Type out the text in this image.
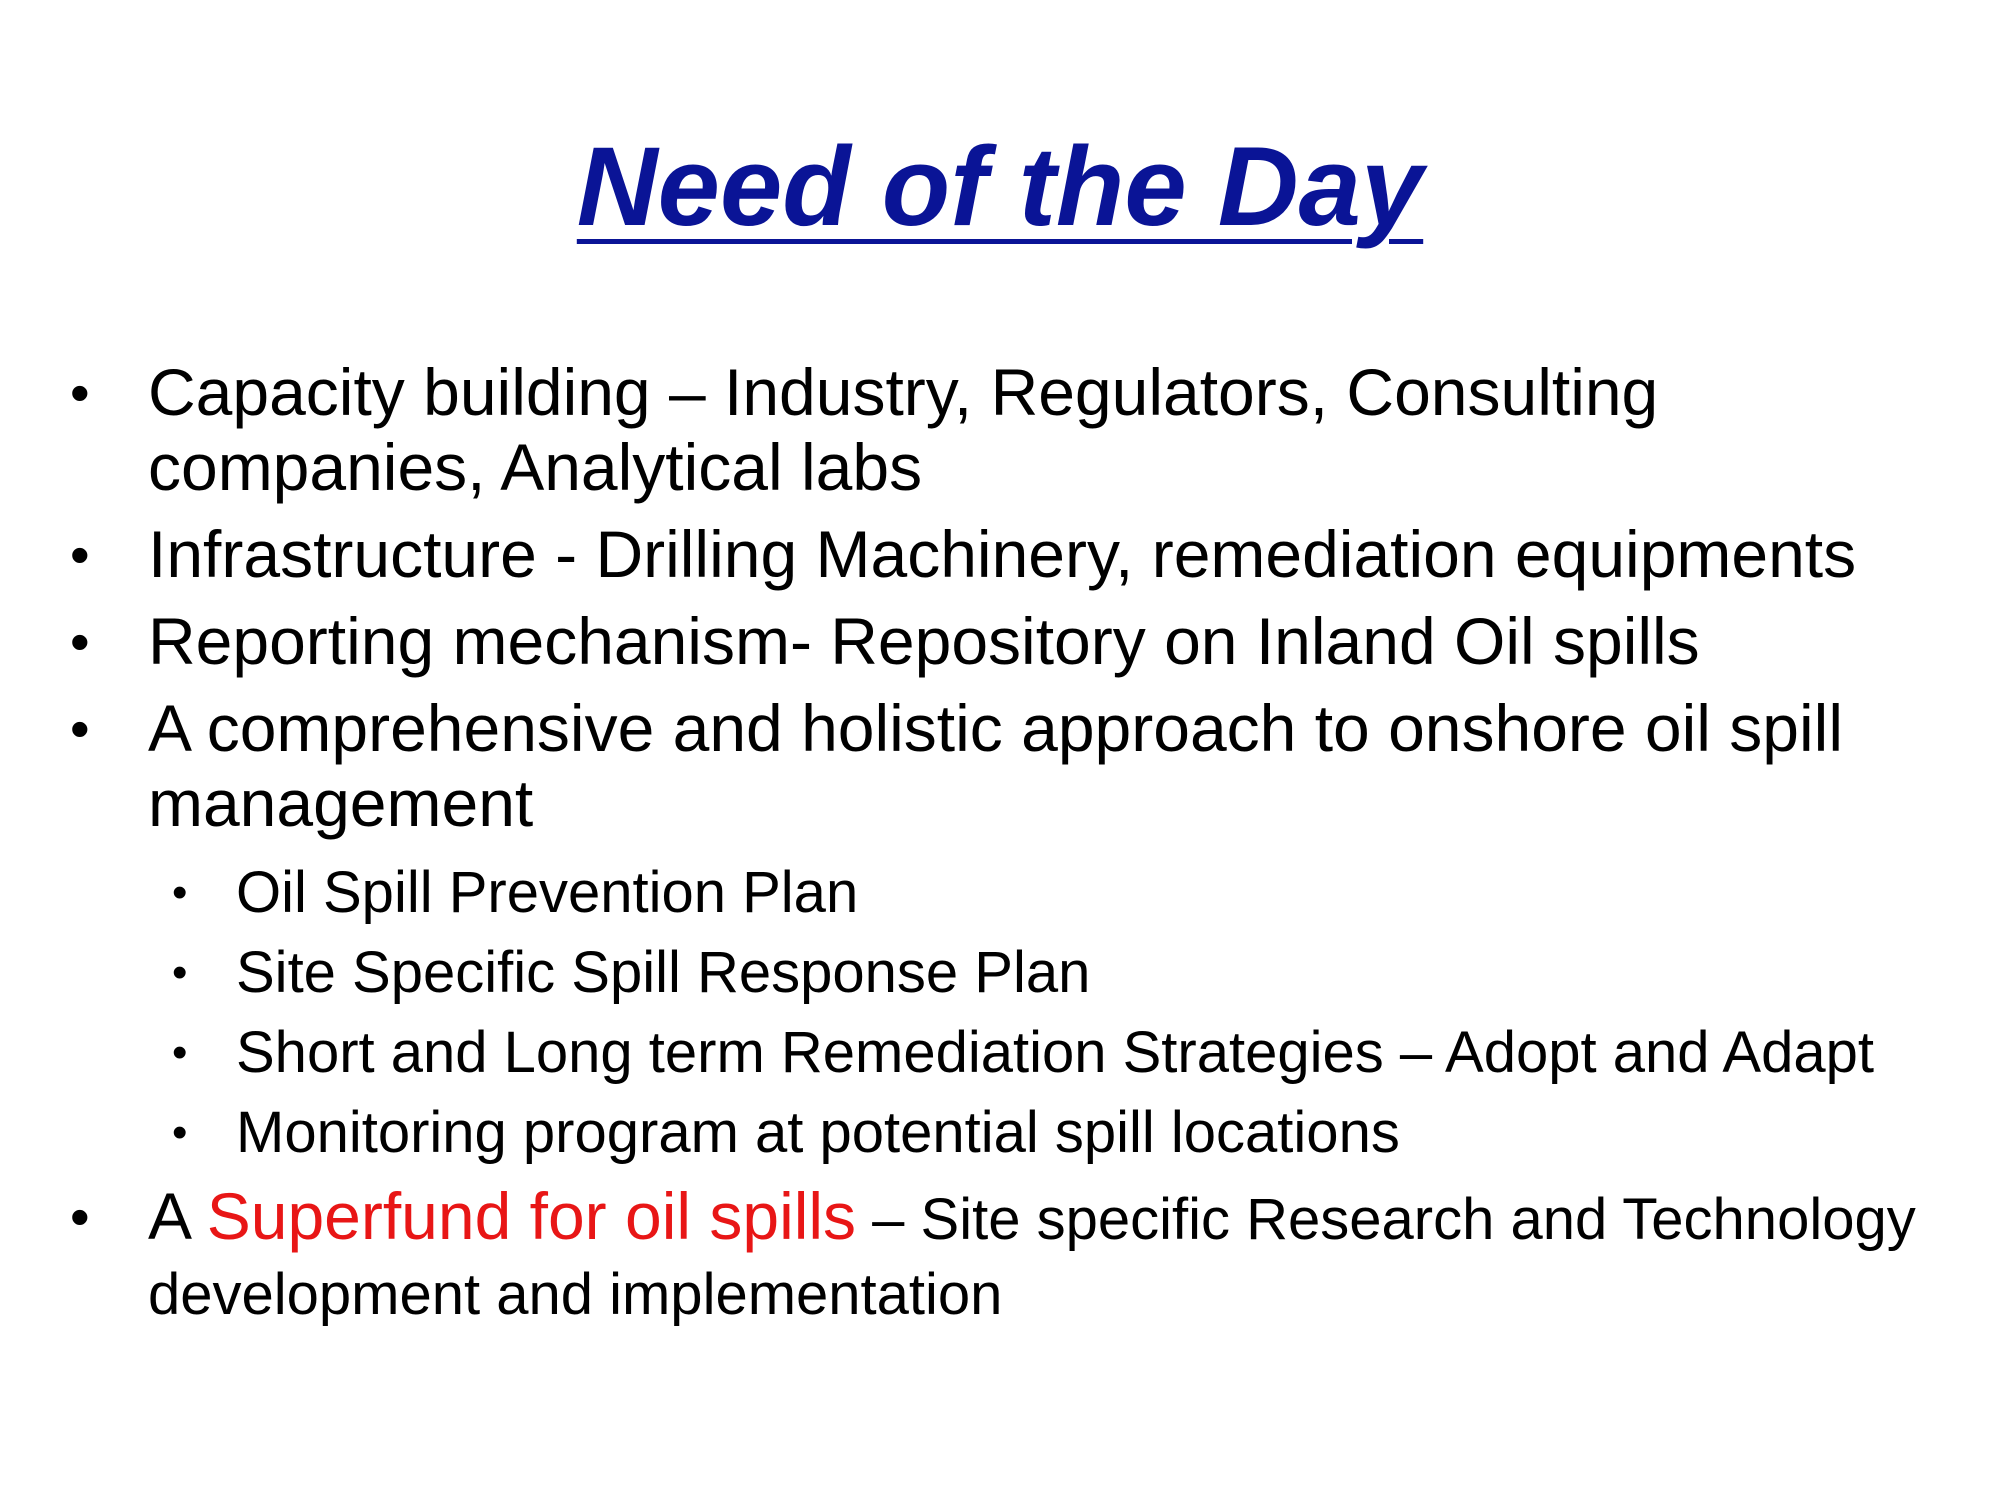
Need of the Day
• Capacity building – Industry, Regulators, Consulting companies, Analytical labs
• Infrastructure - Drilling Machinery, remediation equipments
• Reporting mechanism- Repository on Inland Oil spills
• A comprehensive and holistic approach to onshore oil spill management
• Oil Spill Prevention Plan
• Site Specific Spill Response Plan
• Short and Long term Remediation Strategies – Adopt and Adapt
• Monitoring program at potential spill locations
• A Superfund for oil spills – Site specific Research and Technology development and implementation
